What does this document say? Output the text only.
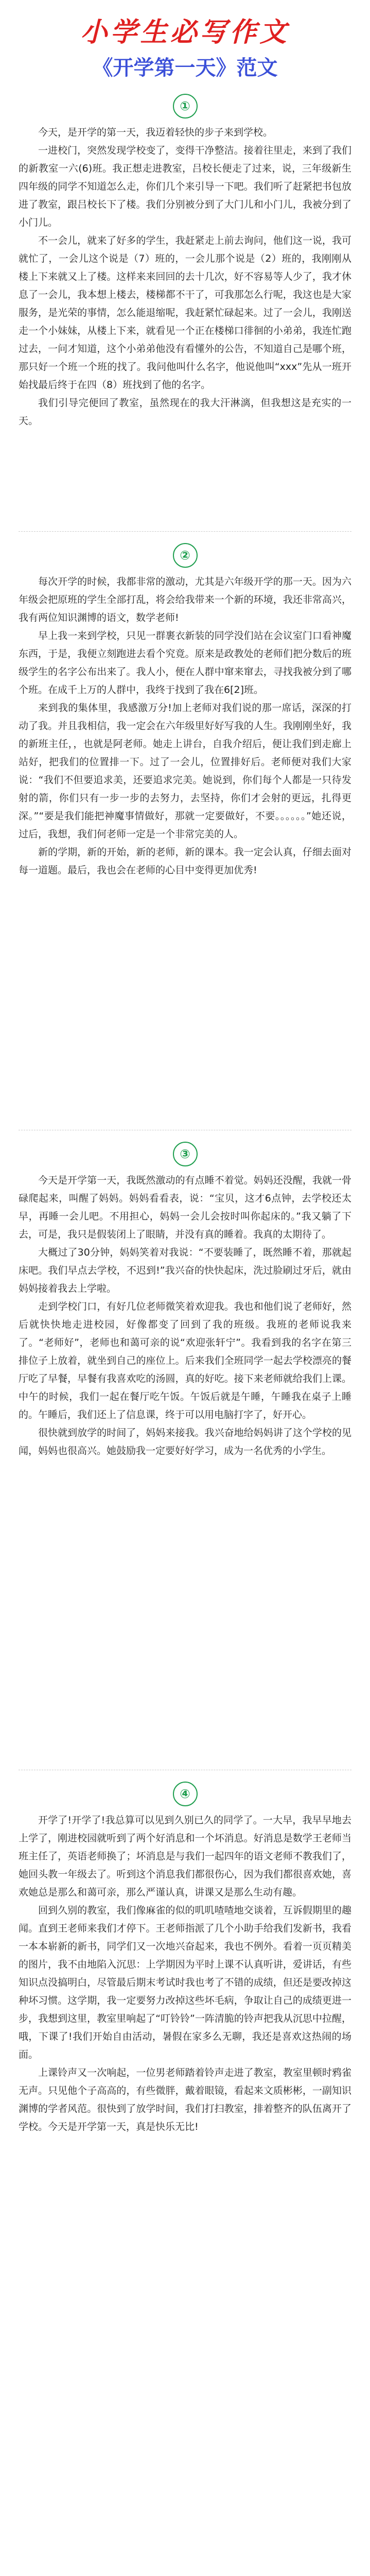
小学生必写作文
《开学第一天》范文
①

今天，是开学的第一天，我迈着轻快的步子来到学校。

一进校门，突然发现学校变了，变得干净整洁。接着往里走，来到了我们的新教室一六(6)班。我正想走进教室，吕校长便走了过来，说，三年级新生四年级的同学不知道怎么走，你们几个来引导一下吧。我们听了赶紧把书包放进了教室，跟吕校长下了楼。我们分别被分到了大门儿和小门儿，我被分到了小门儿。

不一会儿，就来了好多的学生，我赶紧走上前去询问，他们这一说，我可就忙了，一会儿这个说是（7）班的，一会儿那个说是（2）班的，我刚刚从楼上下来就又上了楼。这样来来回回的去十几次，好不容易等人少了，我才休息了一会儿，我本想上楼去，楼梯都不干了，可我那怎么行呢，我这也是大家服务，是光荣的事情，怎么能退缩呢，我赶紧忙碌起来。过了一会儿，我刚送走一个小妹妹，从楼上下来，就看见一个正在楼梯口徘徊的小弟弟，我连忙跑过去，一问才知道，这个小弟弟他没有看懂外的公告，不知道自己是哪个班，那只好一个班一个班的找了。我问他叫什么名字，他说他叫“xxx”先从一班开始找最后终于在四（8）班找到了他的名字。

我们引导完便回了教室，虽然现在的我大汗淋漓，但我想这是充实的一天。

②

每次开学的时候，我都非常的激动，尤其是六年级开学的那一天。因为六年级会把原班的学生全部打乱，将会给我带来一个新的环境，我还非常高兴，我有两位知识渊博的语文，数学老师!

早上我一来到学校，只见一群裹衣新装的同学没们站在会议室门口看神魔东西，于是，我便立刻跑进去看个究竟。原来是政教处的老师们把分数后的班级学生的名字公布出来了。我人小，便在人群中窜来窜去，寻找我被分到了哪个班。在成千上万的人群中，我终于找到了我在6[2]班。

来到我的集体里，我感激万分!加上老师对我们说的那一席话，深深的打动了我。并且我相信，我一定会在六年级里好好写我的人生。我刚刚坐好，我的新班主任，，也就是阿老师。她走上讲台，自我介绍后，便让我们到走廊上站好，把我们的位置排一下。过了一会儿，位置排好后。老师便对我们大家说：“我们不但要追求美，还要追求完美。她说到，你们每个人都是一只待发射的箭，你们只有一步一步的去努力，去坚持，你们才会射的更远，扎得更深。”“要是我们能把神魔事情做好，那就一定要做好，不要。。。。。。”她还说，过后，我想，我们何老师一定是一个非常完美的人。

新的学期，新的开始，新的老师，新的课本。我一定会认真，仔细去面对每一道题。最后，我也会在老师的心目中变得更加优秀!

③

今天是开学第一天，我既然激动的有点睡不着觉。妈妈还没醒，我就一骨碌爬起来，叫醒了妈妈。妈妈看看表，说：“宝贝，这才6点钟，去学校还太早，再睡一会儿吧。不用担心，妈妈一会儿会按时叫你起床的。”我又躺了下去，可是，我只是假装闭上了眼睛，并没有真的睡着。我真的太期待了。

大概过了30分钟，妈妈笑着对我说：“不要装睡了，既然睡不着，那就起床吧。我们早点去学校，不迟到!”我兴奋的快快起床，洗过脸刷过牙后，就由妈妈接着我去上学啦。

走到学校门口，有好几位老师微笑着欢迎我。我也和他们说了老师好，然后就快快地走进校园，好像都变了回到了我的班级。我班的老师说我来了。“老师好”，老师也和蔼可亲的说“欢迎张轩宁”。我看到我的名字在第三排位子上放着，就坐到自己的座位上。后来我们全班同学一起去学校漂亮的餐厅吃了早餐，早餐有我喜欢吃的汤圆，真的好吃。接下来老师就给我们上课。中午的时候，我们一起在餐厅吃午饭。午饭后就是午睡，午睡我在桌子上睡的。午睡后，我们还上了信息课，终于可以用电脑打字了，好开心。

很快就到放学的时间了，妈妈来接我。我兴奋地给妈妈讲了这个学校的见闻，妈妈也很高兴。她鼓励我一定要好好学习，成为一名优秀的小学生。

④

开学了!开学了!我总算可以见到久别已久的同学了。一大早，我早早地去上学了，刚进校园就听到了两个好消息和一个坏消息。好消息是数学王老师当班主任了，英语老师换了；坏消息是与我们一起四年的语文老师不教我们了，她回头教一年级去了。听到这个消息我们都很伤心，因为我们都很喜欢她，喜欢她总是那么和蔼可亲，那么严谨认真，讲课又是那么生动有趣。

回到久别的教室，我们像麻雀的似的叽叽喳喳地交谈着，互诉假期里的趣闻。直到王老师来我们才停下。王老师指派了几个小助手给我们发新书，我看一本本崭新的新书，同学们又一次地兴奋起来，我也不例外。看着一页页精美的图片，我不由地陷入沉思：上学期因为平时上课不认真听讲，爱讲话，有些知识点没搞明白，尽管最后期末考试时我也考了不错的成绩，但还是要改掉这种坏习惯。这学期，我一定要努力改掉这些坏毛病，争取让自己的成绩更进一步，我想到这里，教室里响起了“叮铃铃”一阵清脆的铃声把我从沉思中拉醒，哦，下课了!我们开始自由活动，暑假在家多么无聊，我还是喜欢这热闹的场面。

上课铃声又一次响起，一位男老师踏着铃声走进了教室，教室里顿时鸦雀无声。只见他个子高高的，有些微胖，戴着眼镜，看起来文质彬彬，一副知识渊博的学者风范。很快到了放学时间，我们打扫教室，排着整齐的队伍离开了学校。今天是开学第一天，真是快乐无比!
